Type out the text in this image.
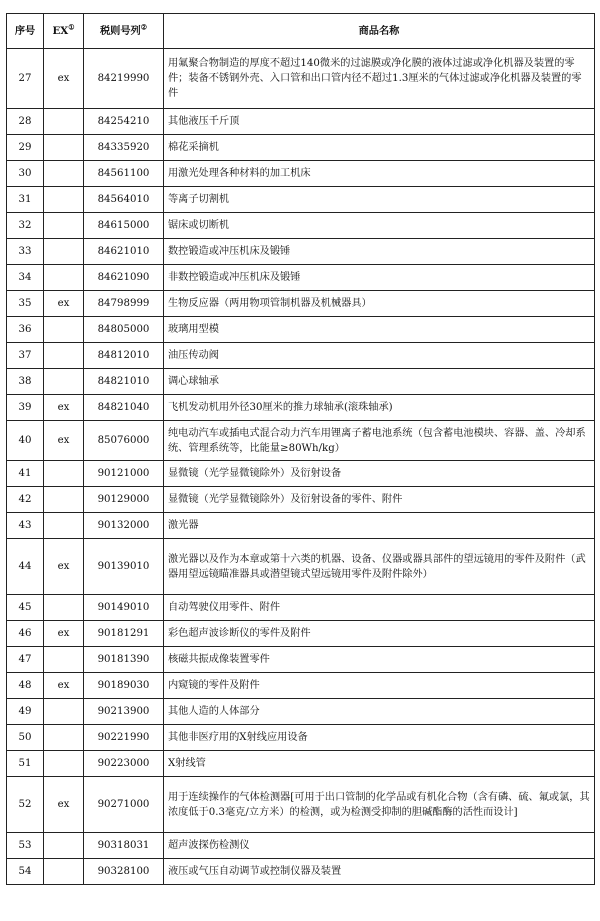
序号	EX①	税则号列②	商品名称
27	ex	84219990	用氟聚合物制造的厚度不超过140微米的过滤膜或净化膜的液体过滤或净化机器及装置的零件；装备不锈钢外壳、入口管和出口管内径不超过1.3厘米的气体过滤或净化机器及装置的零件
28		84254210	其他液压千斤顶
29		84335920	棉花采摘机
30		84561100	用激光处理各种材料的加工机床
31		84564010	等离子切割机
32		84615000	锯床或切断机
33		84621010	数控锻造或冲压机床及锻锤
34		84621090	非数控锻造或冲压机床及锻锤
35	ex	84798999	生物反应器（两用物项管制机器及机械器具）
36		84805000	玻璃用型模
37		84812010	油压传动阀
38		84821010	调心球轴承
39	ex	84821040	飞机发动机用外径30厘米的推力球轴承(滚珠轴承)
40	ex	85076000	纯电动汽车或插电式混合动力汽车用锂离子蓄电池系统（包含蓄电池模块、容器、盖、冷却系统、管理系统等，比能量≥80Wh/kg）
41		90121000	显微镜（光学显微镜除外）及衍射设备
42		90129000	显微镜（光学显微镜除外）及衍射设备的零件、附件
43		90132000	激光器
44	ex	90139010	激光器以及作为本章或第十六类的机器、设备、仪器或器具部件的望远镜用的零件及附件（武器用望远镜瞄准器具或潜望镜式望远镜用零件及附件除外）
45		90149010	自动驾驶仪用零件、附件
46	ex	90181291	彩色超声波诊断仪的零件及附件
47		90181390	核磁共振成像装置零件
48	ex	90189030	内窥镜的零件及附件
49		90213900	其他人造的人体部分
50		90221990	其他非医疗用的X射线应用设备
51		90223000	X射线管
52	ex	90271000	用于连续操作的气体检测器[可用于出口管制的化学品或有机化合物（含有磷、硫、氟或氯，其浓度低于0.3毫克/立方米）的检测，或为检测受抑制的胆碱酯酶的活性而设计]
53		90318031	超声波探伤检测仪
54		90328100	液压或气压自动调节或控制仪器及装置
